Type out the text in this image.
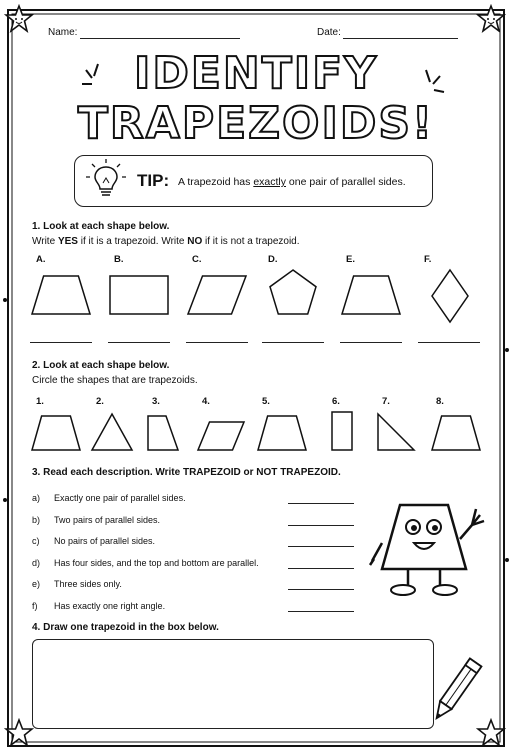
Name:	Date:
IDENTIFY
TRAPEZOIDS!
TIP: A trapezoid has exactly one pair of parallel sides.
1. Look at each shape below.
Write YES if it is a trapezoid. Write NO if it is not a trapezoid.
A.	B.	C.	D.	E.	F.
2. Look at each shape below.
Circle the shapes that are trapezoids.
1.	2.	3.	4.	5.	6.	7.	8.
3. Read each description. Write TRAPEZOID or NOT TRAPEZOID.
a) Exactly one pair of parallel sides.
b) Two pairs of parallel sides.
c) No pairs of parallel sides.
d) Has four sides, and the top and bottom are parallel.
e) Three sides only.
f) Has exactly one right angle.
4. Draw one trapezoid in the box below.
